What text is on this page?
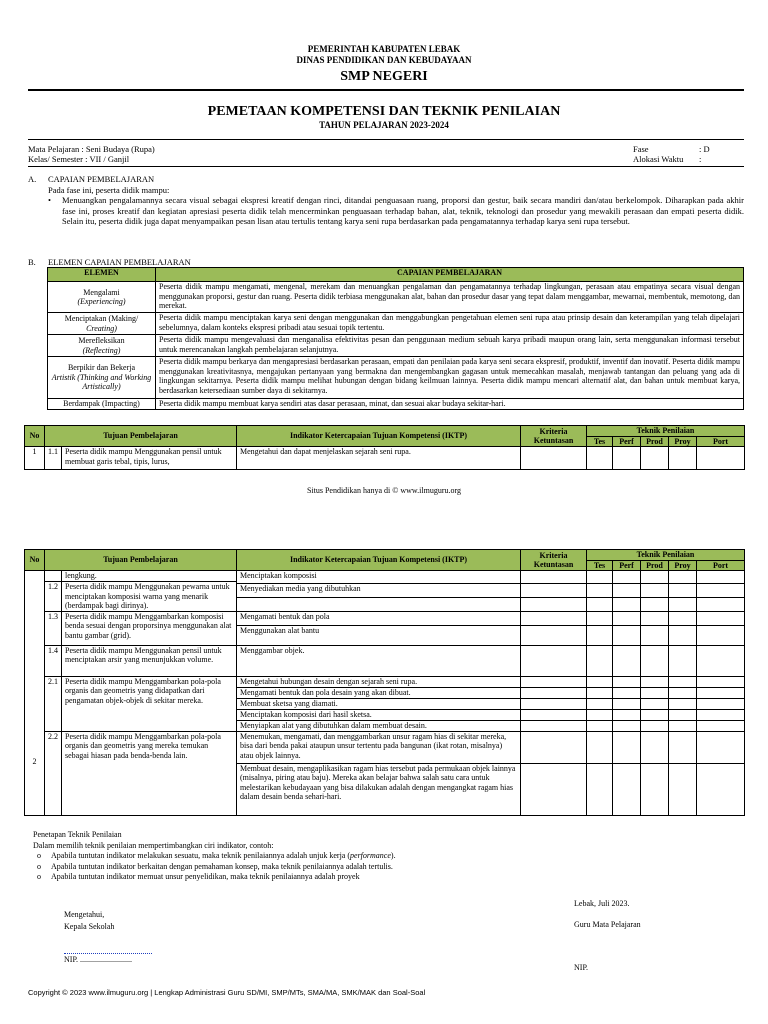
PEMERINTAH KABUPATEN LEBAK
DINAS PENDIDIKAN DAN KEBUDAYAAN
SMP NEGERI
PEMETAAN KOMPETENSI DAN TEKNIK PENILAIAN
TAHUN PELAJARAN 2023-2024
Mata Pelajaran : Seni Budaya (Rupa)
Kelas/ Semester : VII / Ganjil
Fase	: D
Alokasi Waktu :
A. CAPAIAN PEMBELAJARAN
Pada fase ini, peserta didik mampu:
•	Menuangkan pengalamannya secara visual sebagai ekspresi kreatif dengan rinci, ditandai penguasaan ruang, proporsi dan gestur, baik secara mandiri dan/atau berkelompok. Diharapkan pada akhir fase ini, proses kreatif dan kegiatan apresiasi peserta didik telah mencerminkan penguasaan terhadap bahan, alat, teknik, teknologi dan prosedur yang mewakili perasaan dan empati peserta didik. Selain itu, peserta didik juga dapat menyampaikan pesan lisan atau tertulis tentang karya seni rupa berdasarkan pada pengamatannya terhadap karya seni rupa tersebut.
B. ELEMEN CAPAIAN PEMBELAJARAN
ELEMEN	CAPAIAN PEMBELAJARAN

Mengalami
(Experiencing)	Peserta didik mampu mengamati, mengenal, merekam dan menuangkan pengalaman dan pengamatannya terhadap lingkungan, perasaan atau empatinya secara visual dengan menggunakan proporsi, gestur dan ruang. Peserta didik terbiasa menggunakan alat, bahan dan prosedur dasar yang tepat dalam menggambar, mewarnai, membentuk, memotong, dan merekat.

Menciptakan (Making/
Creating)	Peserta didik mampu menciptakan karya seni dengan menggunakan dan menggabungkan pengetahuan elemen seni rupa atau prinsip desain dan keterampilan yang telah dipelajari sebelumnya, dalam konteks ekspresi pribadi atau sesuai topik tertentu.

Merefleksikan
(Reflecting)	Peserta didik mampu mengevaluasi dan menganalisa efektivitas pesan dan penggunaan medium sebuah karya pribadi maupun orang lain, serta menggunakan informasi tersebut untuk merencanakan langkah pembelajaran selanjutnya.

Berpikir dan Bekerja
Artistik (Thinking and Working Artistically)	Peserta didik mampu berkarya dan mengapresiasi berdasarkan perasaan, empati dan penilaian pada karya seni secara ekspresif, produktif, inventif dan inovatif. Peserta didik mampu menggunakan kreativitasnya, mengajukan pertanyaan yang bermakna dan mengembangkan gagasan untuk memecahkan masalah, menjawab tantangan dan peluang yang ada di lingkungan sekitarnya. Peserta didik mampu melihat hubungan dengan bidang keilmuan lainnya. Peserta didik mampu mencari alternatif alat, dan bahan untuk membuat karya, berdasarkan ketersediaan sumber daya di sekitarnya.

Berdampak (Impacting)	Peserta didik mampu membuat karya sendiri atas dasar perasaan, minat, dan sesuai akar budaya sekitar-hari.
No	Tujuan Pembelajaran		Indikator Ketercapaian Tujuan Kompetensi (IKTP)	Kriteria
Ketuntasan	Teknik Penilaian				
					Tes	Perf	Prod	Proy	Port
1	1.1	Peserta didik mampu Menggunakan pensil untuk membuat garis tebal, tipis, lurus,	Mengetahui dan dapat menjelaskan sejarah seni rupa.						
Situs Pendidikan hanya di © www.ilmuguru.org
No	Tujuan Pembelajaran		Indikator Ketercapaian Tujuan Kompetensi (IKTP)	Kriteria
Ketuntasan	Teknik Penilaian				
					Tes	Perf	Prod	Proy	Port
		lengkung.	Menciptakan komposisi						
	1.2	Peserta didik mampu Menggunakan pewarna untuk menciptakan komposisi warna yang menarik (berdampak bagi dirinya).							
			Menyediakan media yang dibutuhkan						

	1.3	Peserta didik mampu Menggambarkan komposisi benda sesuai dengan proporsinya menggunakan alat bantu gambar (grid).	Mengamati bentuk dan pola						
			Menggunakan alat bantu						
	1.4	Peserta didik mampu Menggunakan pensil untuk menciptakan arsir yang menunjukkan volume.	Menggambar objek.						
	2.1	Peserta didik mampu Menggambarkan pola-pola organis dan geometris yang didapatkan dari pengamatan objek-objek di sekitar mereka.	Mengetahui hubungan desain dengan sejarah seni rupa.						
			Mengamati bentuk dan pola desain yang akan dibuat.						
			Membuat sketsa yang diamati.						
2			Menciptakan komposisi dari hasil sketsa.						
			Menyiapkan alat yang dibutuhkan dalam membuat desain.						
	2.2	Peserta didik mampu Menggambarkan pola-pola organis dan geometris yang mereka temukan sebagai hiasan pada benda-benda lain.	Menemukan, mengamati, dan menggambarkan unsur ragam hias di sekitar mereka, bisa dari benda pakai ataupun unsur tertentu pada bangunan (ikat rotan, misalnya) atau objek lainnya.						
			Membuat desain, mengaplikasikan ragam hias tersebut pada permukaan objek lainnya (misalnya, piring atau baju). Mereka akan belajar bahwa salah satu cara untuk melestarikan kebudayaan yang bisa dilakukan adalah dengan mengangkat ragam hias dalam desain benda sehari-hari.						
Penetapan Teknik Penilaian
Dalam memilih teknik penilaian mempertimbangkan ciri indikator, contoh:
o Apabila tuntutan indikator melakukan sesuatu, maka teknik penilaiannya adalah unjuk kerja (performance).
o Apabila tuntutan indikator berkaitan dengan pemahaman konsep, maka teknik penilaiannya adalah tertulis.
o Apabila tuntutan indikator memuat unsur penyelidikan, maka teknik penilaiannya adalah proyek
Mengetahui,
Kepala Sekolah
NIP. ..........................
Lebak, Juli 2023.
Guru Mata Pelajaran
NIP.
Copyright © 2023 www.ilmuguru.org | Lengkap Administrasi Guru SD/MI, SMP/MTs, SMA/MA, SMK/MAK dan Soal-Soal
